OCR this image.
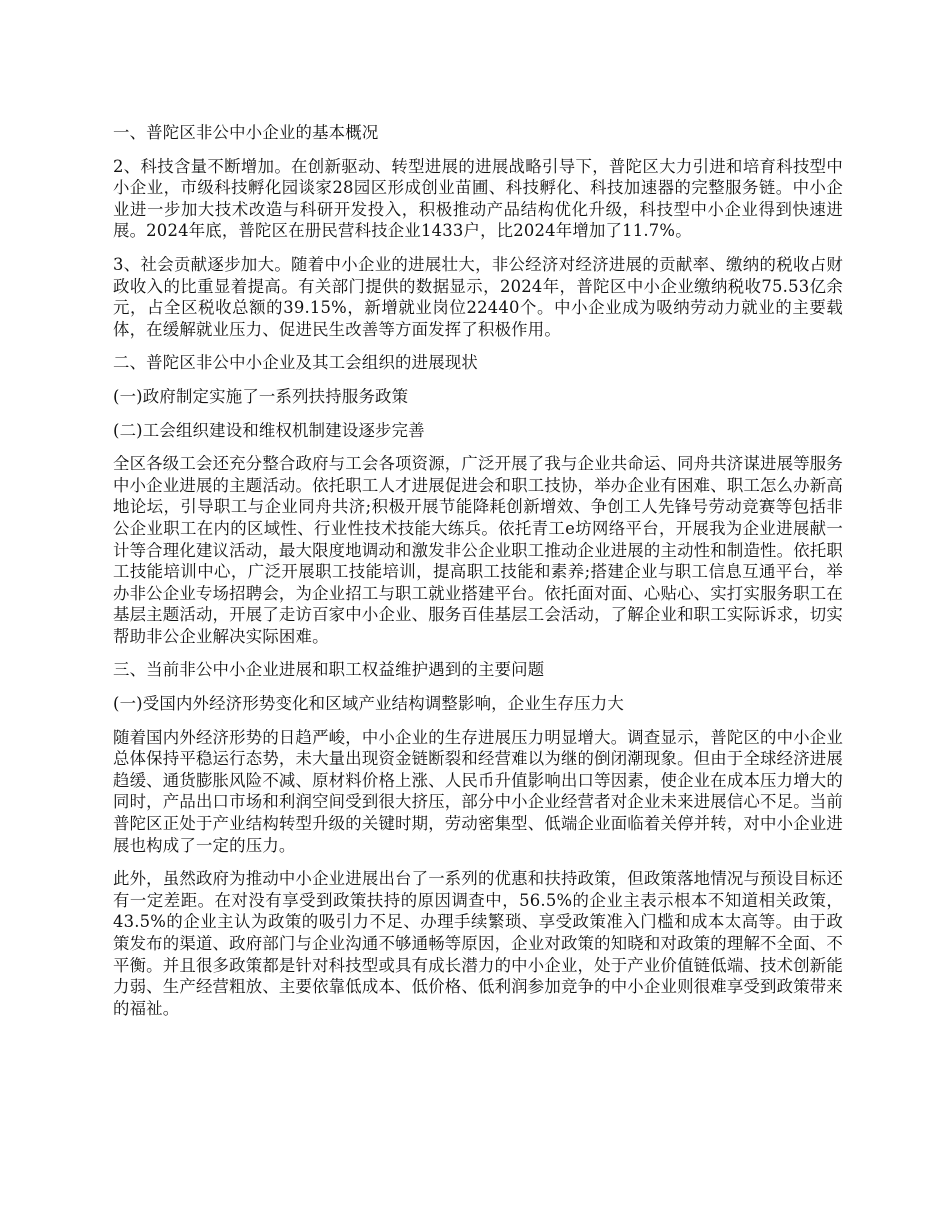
一、普陀区非公中小企业的基本概况

2、科技含量不断增加。在创新驱动、转型进展的进展战略引导下，普陀区大力引进和培育科技型中小企业，市级科技孵化园谈家28园区形成创业苗圃、科技孵化、科技加速器的完整服务链。中小企业进一步加大技术改造与科研开发投入，积极推动产品结构优化升级，科技型中小企业得到快速进展。2024年底，普陀区在册民营科技企业1433户，比2024年增加了11.7%。

3、社会贡献逐步加大。随着中小企业的进展壮大，非公经济对经济进展的贡献率、缴纳的税收占财政收入的比重显着提高。有关部门提供的数据显示，2024年，普陀区中小企业缴纳税收75.53亿余元，占全区税收总额的39.15%，新增就业岗位22440个。中小企业成为吸纳劳动力就业的主要载体，在缓解就业压力、促进民生改善等方面发挥了积极作用。

二、普陀区非公中小企业及其工会组织的进展现状

(一)政府制定实施了一系列扶持服务政策

(二)工会组织建设和维权机制建设逐步完善

全区各级工会还充分整合政府与工会各项资源，广泛开展了我与企业共命运、同舟共济谋进展等服务中小企业进展的主题活动。依托职工人才进展促进会和职工技协，举办企业有困难、职工怎么办新高地论坛，引导职工与企业同舟共济;积极开展节能降耗创新增效、争创工人先锋号劳动竞赛等包括非公企业职工在内的区域性、行业性技术技能大练兵。依托青工e坊网络平台，开展我为企业进展献一计等合理化建议活动，最大限度地调动和激发非公企业职工推动企业进展的主动性和制造性。依托职工技能培训中心，广泛开展职工技能培训，提高职工技能和素养;搭建企业与职工信息互通平台，举办非公企业专场招聘会，为企业招工与职工就业搭建平台。依托面对面、心贴心、实打实服务职工在基层主题活动，开展了走访百家中小企业、服务百佳基层工会活动，了解企业和职工实际诉求，切实帮助非公企业解决实际困难。

三、当前非公中小企业进展和职工权益维护遇到的主要问题

(一)受国内外经济形势变化和区域产业结构调整影响，企业生存压力大

随着国内外经济形势的日趋严峻，中小企业的生存进展压力明显增大。调查显示，普陀区的中小企业总体保持平稳运行态势，未大量出现资金链断裂和经营难以为继的倒闭潮现象。但由于全球经济进展趋缓、通货膨胀风险不减、原材料价格上涨、人民币升值影响出口等因素，使企业在成本压力增大的同时，产品出口市场和利润空间受到很大挤压，部分中小企业经营者对企业未来进展信心不足。当前普陀区正处于产业结构转型升级的关键时期，劳动密集型、低端企业面临着关停并转，对中小企业进展也构成了一定的压力。

此外，虽然政府为推动中小企业进展出台了一系列的优惠和扶持政策，但政策落地情况与预设目标还有一定差距。在对没有享受到政策扶持的原因调查中，56.5%的企业主表示根本不知道相关政策，43.5%的企业主认为政策的吸引力不足、办理手续繁琐、享受政策准入门槛和成本太高等。由于政策发布的渠道、政府部门与企业沟通不够通畅等原因，企业对政策的知晓和对政策的理解不全面、不平衡。并且很多政策都是针对科技型或具有成长潜力的中小企业，处于产业价值链低端、技术创新能力弱、生产经营粗放、主要依靠低成本、低价格、低利润参加竞争的中小企业则很难享受到政策带来的福祉。
